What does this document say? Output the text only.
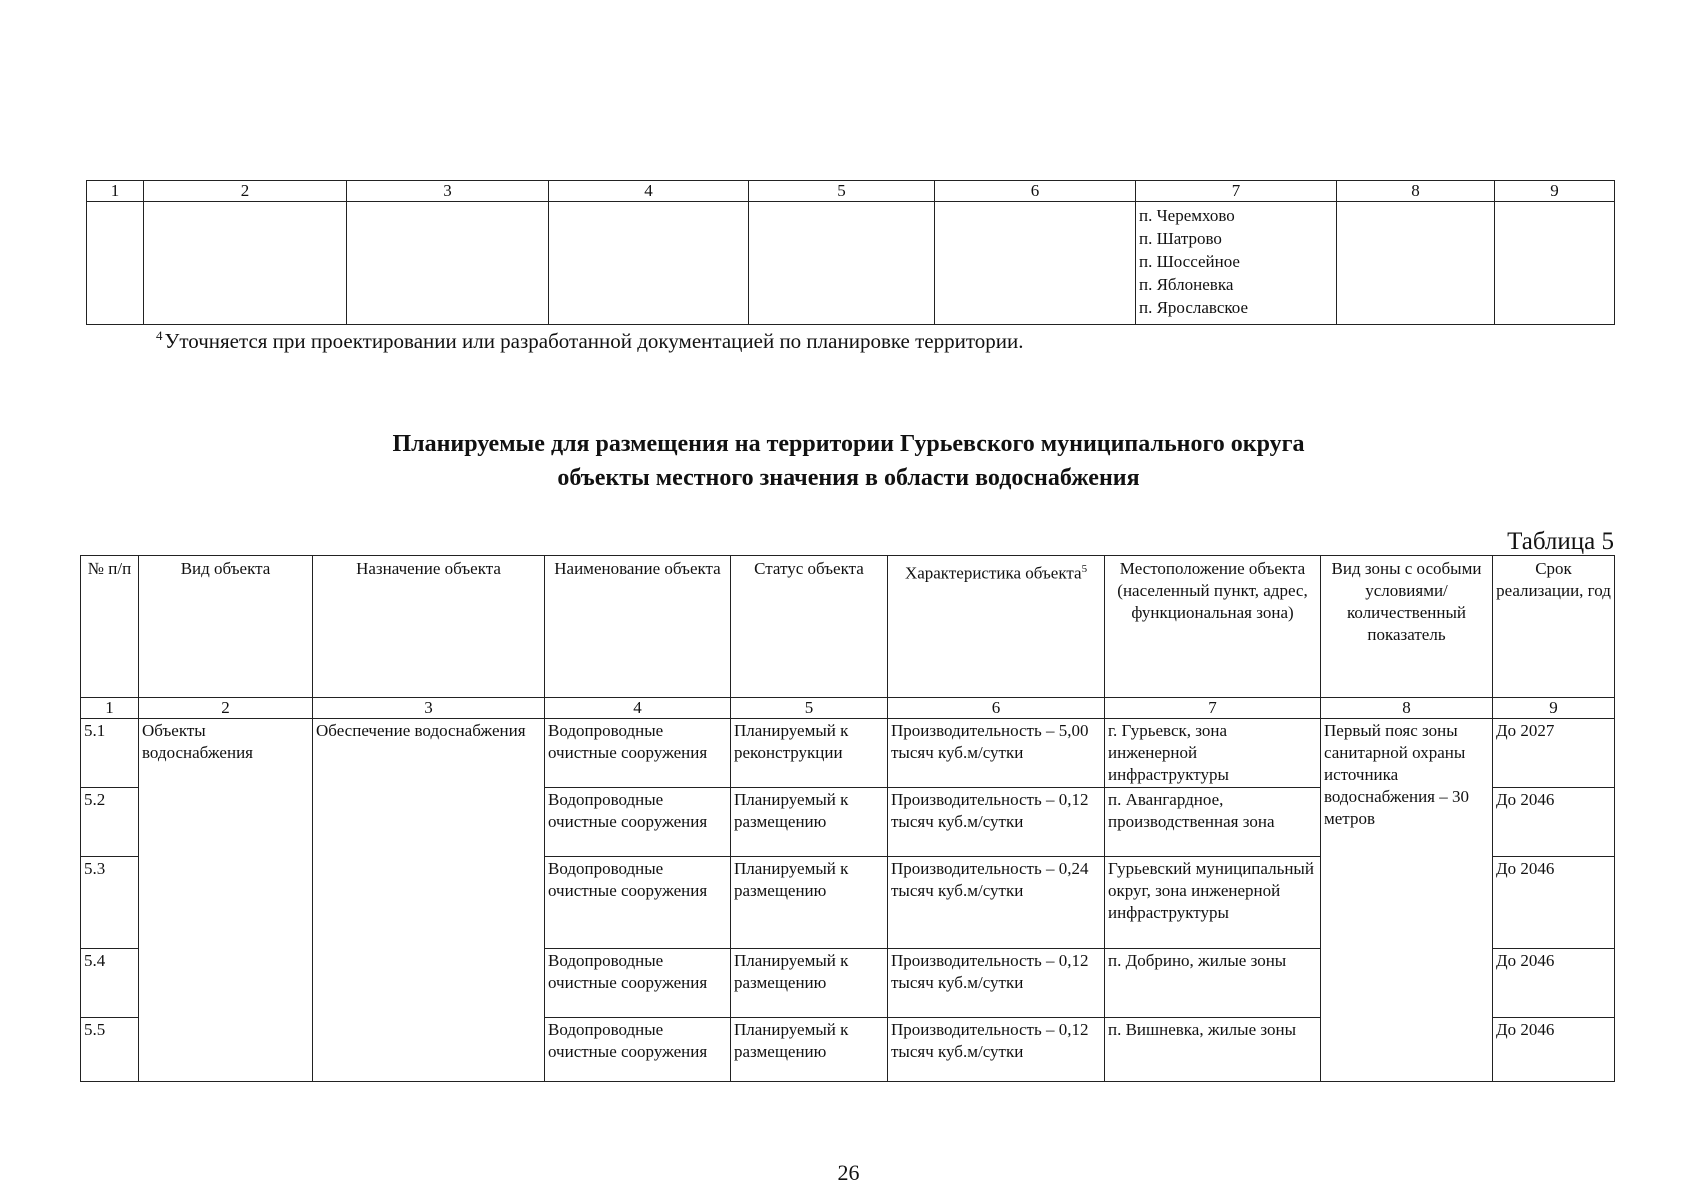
1	2	3	4	5	6	7	8	9

						п. Черемхово
п. Шатрово
п. Шоссейное
п. Яблоневка
п. Ярославское		

$^4$Уточняется при проектировании или разработанной документацией по планировке территории.
Планируемые для размещения на территории Гурьевского муниципального округа
объекты местного значения в области водоснабжения
Таблица 5
№ п/п	Вид объекта	Назначение объекта	Наименование объекта	Статус объекта	Характеристика объекта$^5$	Местоположение объекта (населенный пункт, адрес, функциональная зона)	Вид зоны с особыми условиями/ количественный показатель	Срок реализации, год
1	2	3	4	5	6	7	8	9
5.1	Объекты водоснабжения	Обеспечение водоснабжения	Водопроводные очистные сооружения	Планируемый к реконструкции	Производительность – 5,00 тысяч куб.м/сутки	г. Гурьевск, зона инженерной инфраструктуры	Первый пояс зоны санитарной охраны источника водоснабжения – 30 метров	До 2027
5.2			Водопроводные очистные сооружения	Планируемый к размещению	Производительность – 0,12 тысяч куб.м/сутки	п. Авангардное, производственная зона		До 2046
5.3			Водопроводные очистные сооружения	Планируемый к размещению	Производительность – 0,24 тысяч куб.м/сутки	Гурьевский муниципальный округ, зона инженерной инфраструктуры		До 2046
5.4			Водопроводные очистные сооружения	Планируемый к размещению	Производительность – 0,12 тысяч куб.м/сутки	п. Добрино, жилые зоны		До 2046
5.5			Водопроводные очистные сооружения	Планируемый к размещению	Производительность – 0,12 тысяч куб.м/сутки	п. Вишневка, жилые зоны		До 2046
26
